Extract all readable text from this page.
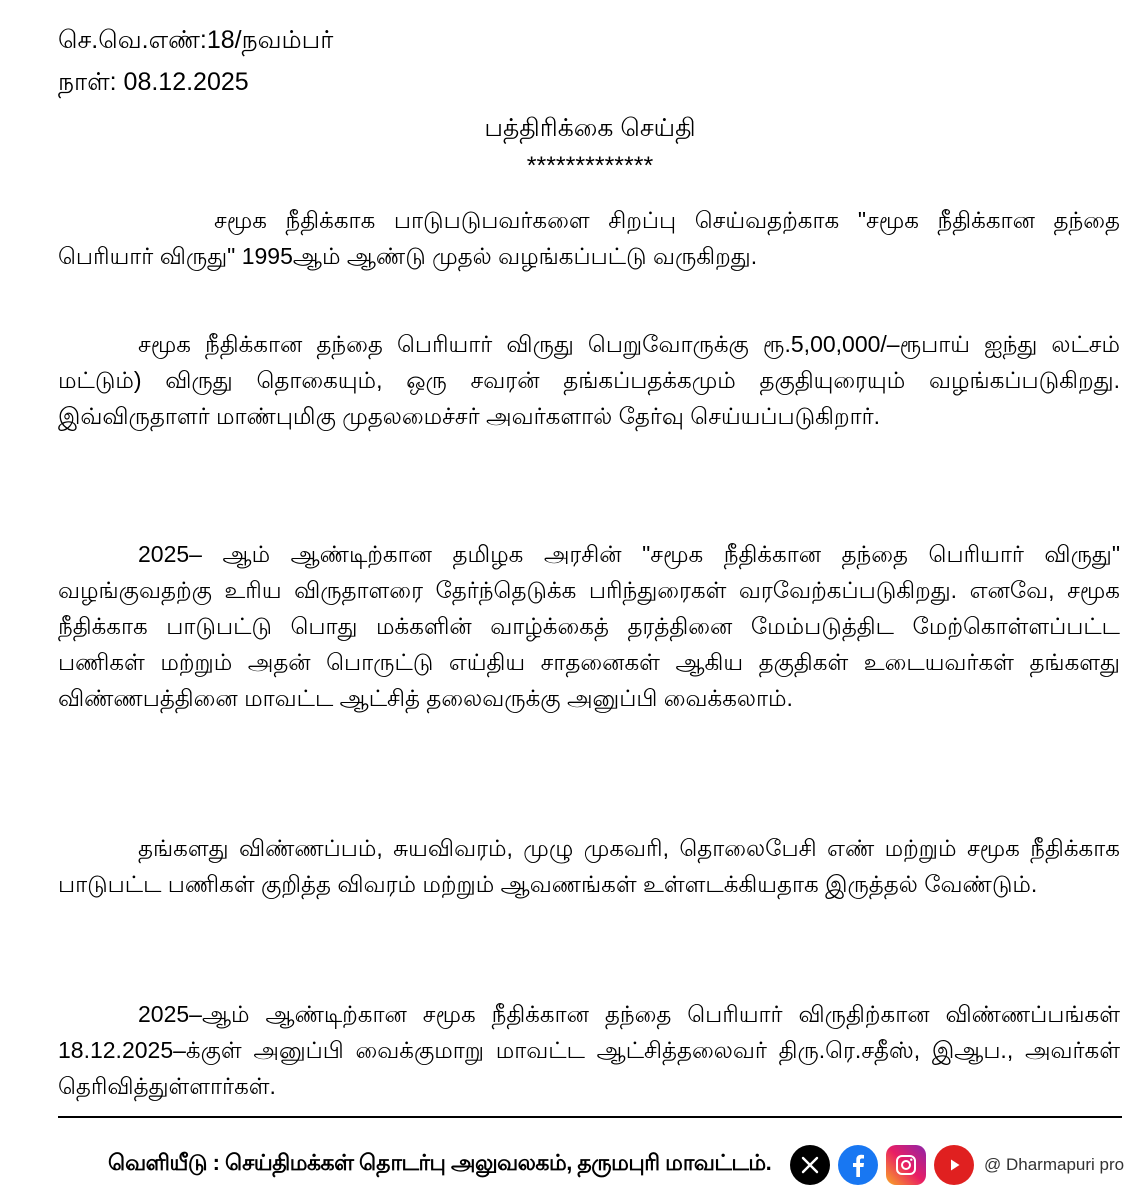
செ.வெ.எண்:18/நவம்பர்
நாள்: 08.12.2025
பத்திரிக்கை செய்தி
*************

சமூக நீதிக்காக பாடுபடுபவர்களை சிறப்பு செய்வதற்காக "சமூக நீதிக்கான தந்தை பெரியார் விருது" 1995ஆம் ஆண்டு முதல் வழங்கப்பட்டு வருகிறது.

சமூக நீதிக்கான தந்தை பெரியார் விருது பெறுவோருக்கு ரூ.5,00,000/–ரூபாய் ஐந்து லட்சம் மட்டும்) விருது தொகையும், ஒரு சவரன் தங்கப்பதக்கமும் தகுதியுரையும் வழங்கப்படுகிறது. இவ்விருதாளர் மாண்புமிகு முதலமைச்சர் அவர்களால் தேர்வு செய்யப்படுகிறார்.

2025– ஆம் ஆண்டிற்கான தமிழக அரசின் "சமூக நீதிக்கான தந்தை பெரியார் விருது" வழங்குவதற்கு உரிய விருதாளரை தேர்ந்தெடுக்க பரிந்துரைகள் வரவேற்கப்படுகிறது. எனவே, சமூக நீதிக்காக பாடுபட்டு பொது மக்களின் வாழ்க்கைத் தரத்தினை மேம்படுத்திட மேற்கொள்ளப்பட்ட பணிகள் மற்றும் அதன் பொருட்டு எய்திய சாதனைகள் ஆகிய தகுதிகள் உடையவர்கள் தங்களது விண்ணபத்தினை மாவட்ட ஆட்சித் தலைவருக்கு அனுப்பி வைக்கலாம்.

தங்களது விண்ணப்பம், சுயவிவரம், முழு முகவரி, தொலைபேசி எண் மற்றும் சமூக நீதிக்காக பாடுபட்ட பணிகள் குறித்த விவரம் மற்றும் ஆவணங்கள் உள்ளடக்கியதாக இருத்தல் வேண்டும்.

2025–ஆம் ஆண்டிற்கான சமூக நீதிக்கான தந்தை பெரியார் விருதிற்கான விண்ணப்பங்கள் 18.12.2025–க்குள் அனுப்பி வைக்குமாறு மாவட்ட ஆட்சித்தலைவர் திரு.ரெ.சதீஸ், இஆப., அவர்கள் தெரிவித்துள்ளார்கள்.

வெளியீடு : செய்திமக்கள் தொடர்பு அலுவலகம், தருமபுரி மாவட்டம்.	@ Dharmapuri pro
